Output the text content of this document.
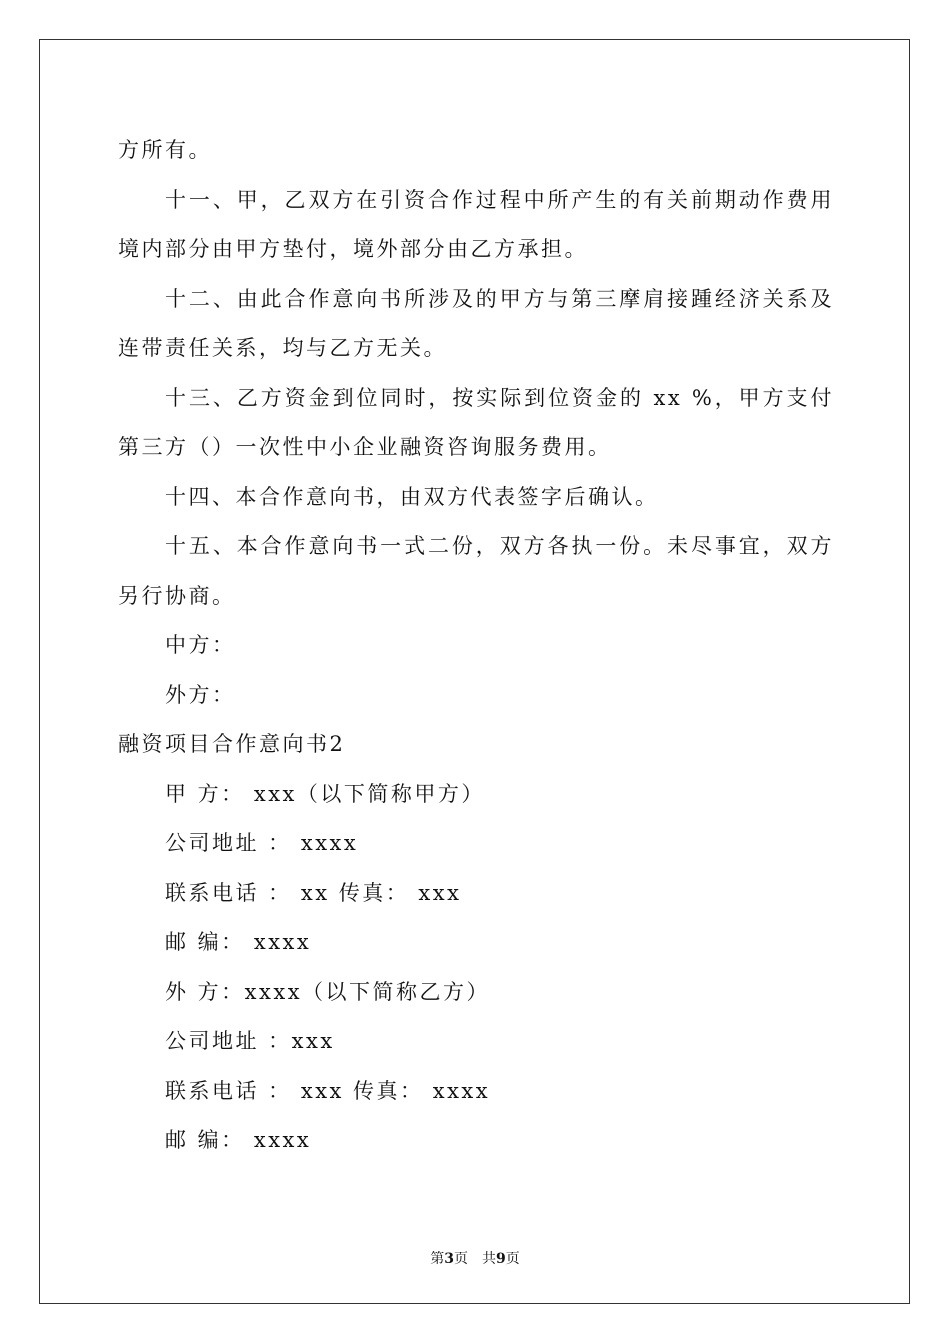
方所有。
十一、甲，乙双方在引资合作过程中所产生的有关前期动作费用
境内部分由甲方垫付，境外部分由乙方承担。
十二、由此合作意向书所涉及的甲方与第三摩肩接踵经济关系及
连带责任关系，均与乙方无关。
十三、乙方资金到位同时，按实际到位资金的 xx %，甲方支付
第三方（）一次性中小企业融资咨询服务费用。
十四、本合作意向书，由双方代表签字后确认。
十五、本合作意向书一式二份，双方各执一份。未尽事宜，双方
另行协商。
中方：
外方：
融资项目合作意向书2
甲 方： xxx（以下简称甲方）
公司地址 ： xxxx
联系电话 ： xx 传真： xxx
邮 编： xxxx
外 方：xxxx（以下简称乙方）
公司地址 ：xxx
联系电话 ： xxx 传真： xxxx
邮 编： xxxx
第3页 共9页
